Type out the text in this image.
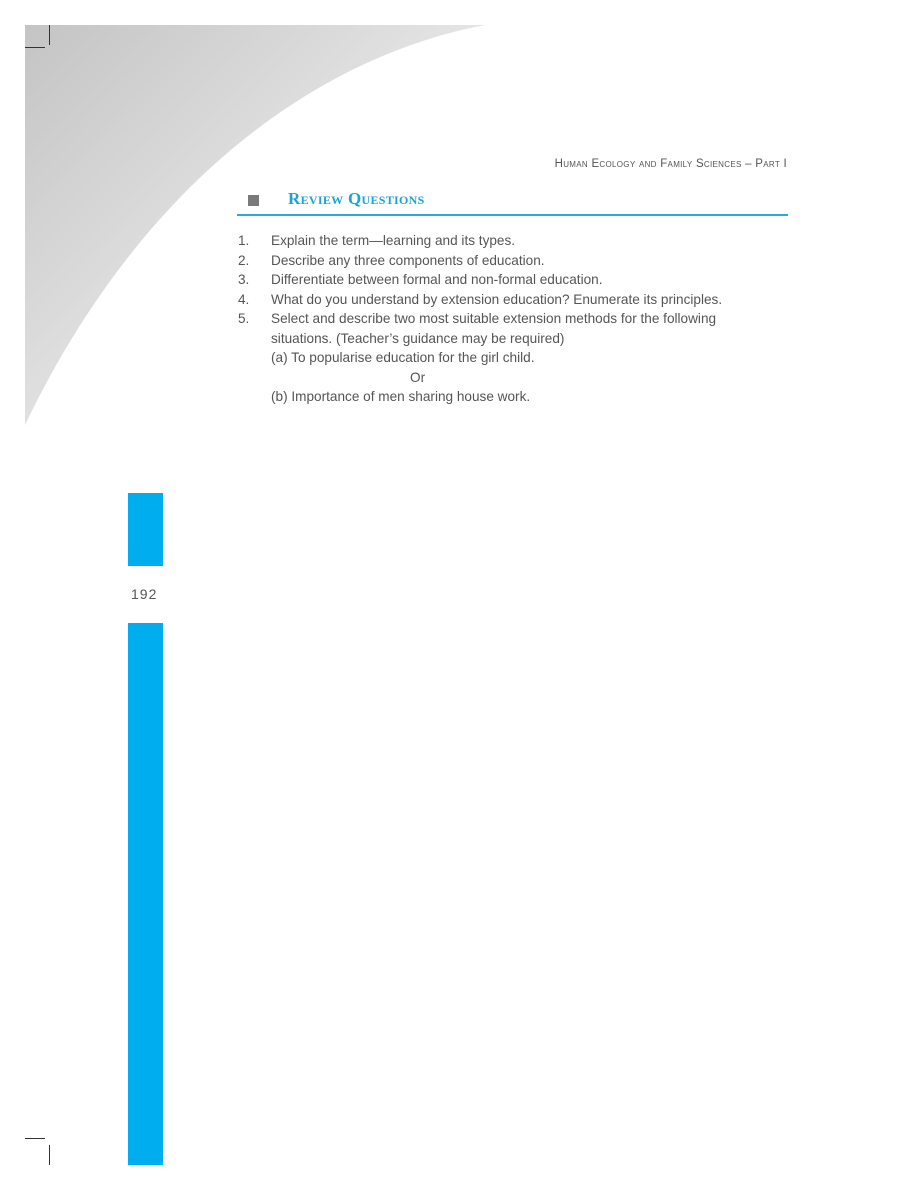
Human Ecology and Family Sciences – Part I
Review Questions
1.	Explain the term—learning and its types.
2.	Describe any three components of education.
3.	Differentiate between formal and non-formal education.
4.	What do you understand by extension education? Enumerate its principles.
5.	Select and describe two most suitable extension methods for the following
situations. (Teacher’s guidance may be required)
(a) To popularise education for the girl child.
Or
(b) Importance of men sharing house work.
192
